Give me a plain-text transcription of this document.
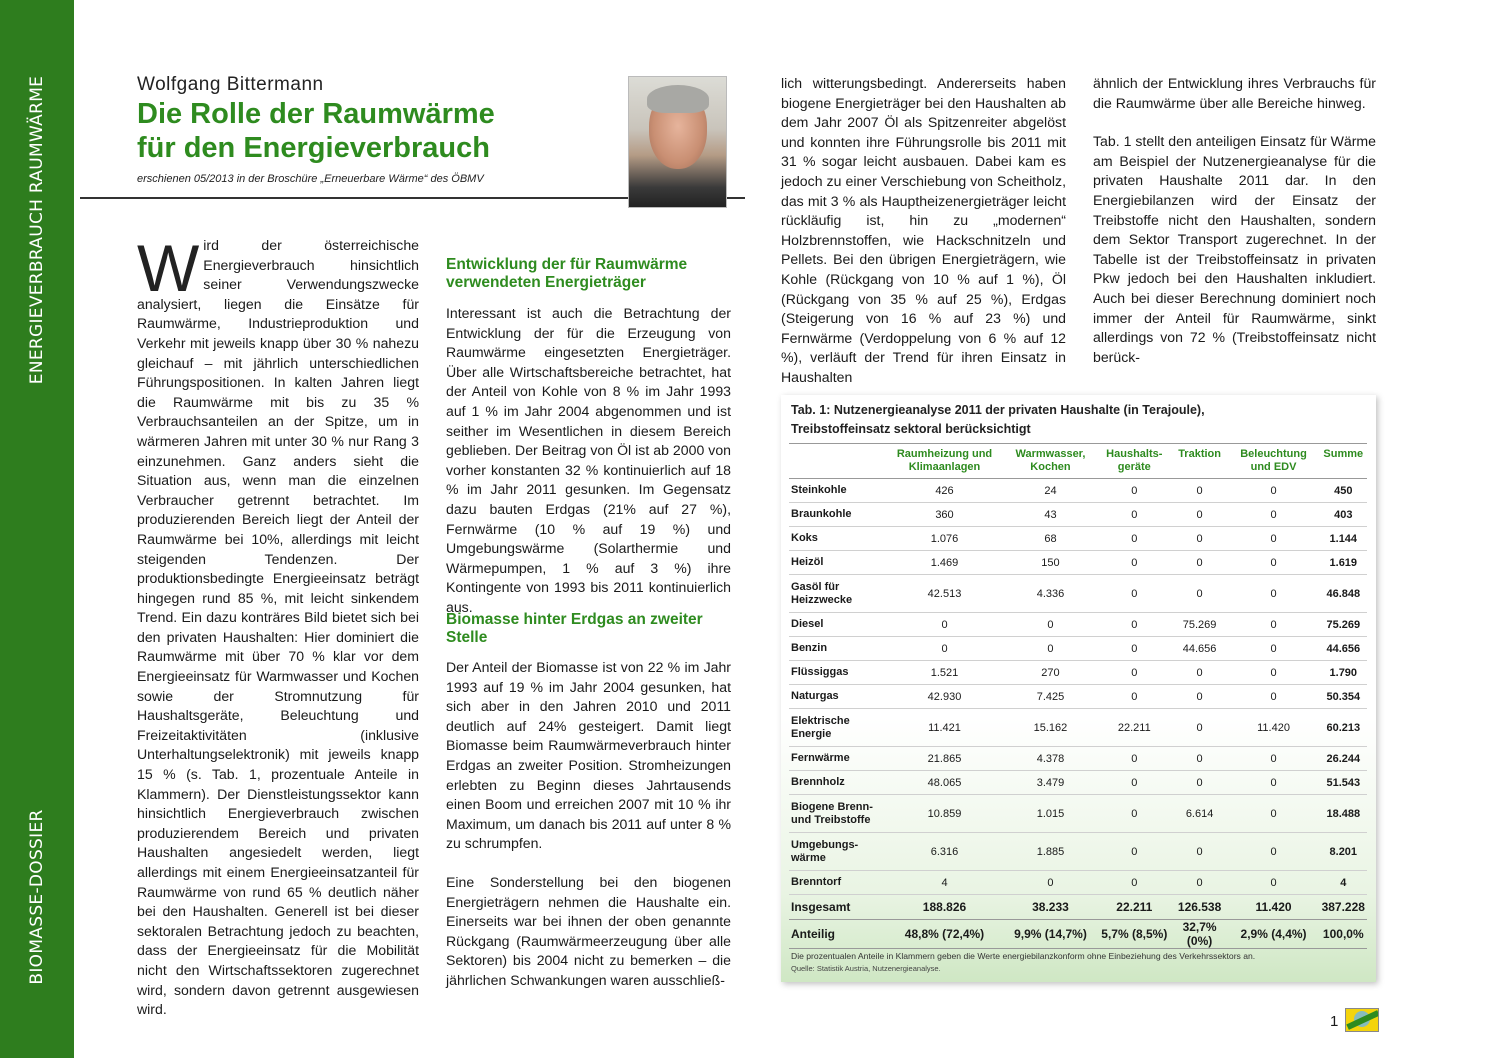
ENERGIEVERBRAUCH RAUMWÄRME
BIOMASSE-DOSSIER
Wolfgang Bittermann
Die Rolle der Raumwärme
für den Energieverbrauch
erschienen 05/2013 in der Broschüre „Erneuerbare Wärme“ des ÖBMV

Wird der österreichische Energieverbrauch hinsichtlich seiner Verwendungszwecke analysiert, liegen die Einsätze für Raumwärme, Industrieproduktion und Verkehr mit jeweils knapp über 30 % nahezu gleichauf – mit jährlich unterschiedlichen Führungspositionen. In kalten Jahren liegt die Raumwärme mit bis zu 35 % Verbrauchsanteilen an der Spitze, um in wärmeren Jahren mit unter 30 % nur Rang 3 einzunehmen. Ganz anders sieht die Situation aus, wenn man die einzelnen Verbraucher getrennt betrachtet. Im produzierenden Bereich liegt der Anteil der Raumwärme bei 10%, allerdings mit leicht steigenden Tendenzen. Der produktionsbedingte Energieeinsatz beträgt hingegen rund 85 %, mit leicht sinkendem Trend. Ein dazu konträres Bild bietet sich bei den privaten Haushalten: Hier dominiert die Raumwärme mit über 70 % klar vor dem Energieeinsatz für Warmwasser und Kochen sowie der Stromnutzung für Haushaltsgeräte, Beleuchtung und Freizeitaktivitäten (inklusive Unterhaltungselektronik) mit jeweils knapp 15 % (s. Tab. 1, prozentuale Anteile in Klammern). Der Dienstleistungssektor kann hinsichtlich Energieverbrauch zwischen produzierendem Bereich und privaten Haushalten angesiedelt werden, liegt allerdings mit einem Energieeinsatzanteil für Raumwärme von rund 65 % deutlich näher bei den Haushalten. Generell ist bei dieser sektoralen Betrachtung jedoch zu beachten, dass der Energieeinsatz für die Mobilität nicht den Wirtschaftssektoren zugerechnet wird, sondern davon getrennt ausgewiesen wird.

Entwicklung der für Raumwärme verwendeten Energieträger

Interessant ist auch die Betrachtung der Entwicklung der für die Erzeugung von Raumwärme eingesetzten Energieträger. Über alle Wirtschaftsbereiche betrachtet, hat der Anteil von Kohle von 8 % im Jahr 1993 auf 1 % im Jahr 2004 abgenommen und ist seither im Wesentlichen in diesem Bereich geblieben. Der Beitrag von Öl ist ab 2000 von vorher konstanten 32 % kontinuierlich auf 18 % im Jahr 2011 gesunken. Im Gegensatz dazu bauten Erdgas (21% auf 27 %), Fernwärme (10 % auf 19 %) und Umgebungswärme (Solarthermie und Wärmepumpen, 1 % auf 3 %) ihre Kontingente von 1993 bis 2011 kontinuierlich aus.

Biomasse hinter Erdgas an zweiter Stelle

Der Anteil der Biomasse ist von 22 % im Jahr 1993 auf 19 % im Jahr 2004 gesunken, hat sich aber in den Jahren 2010 und 2011 deutlich auf 24% gesteigert. Damit liegt Biomasse beim Raumwärmeverbrauch hinter Erdgas an zweiter Position. Stromheizungen erlebten zu Beginn dieses Jahrtausends einen Boom und erreichen 2007 mit 10 % ihr Maximum, um danach bis 2011 auf unter 8 % zu schrumpfen.

Eine Sonderstellung bei den biogenen Energieträgern nehmen die Haushalte ein. Einerseits war bei ihnen der oben genannte Rückgang (Raumwärmeerzeugung über alle Sektoren) bis 2004 nicht zu bemerken – die jährlichen Schwankungen waren ausschließ-

lich witterungsbedingt. Andererseits haben biogene Energieträger bei den Haushalten ab dem Jahr 2007 Öl als Spitzenreiter abgelöst und konnten ihre Führungsrolle bis 2011 mit 31 % sogar leicht ausbauen. Dabei kam es jedoch zu einer Verschiebung von Scheitholz, das mit 3 % als Hauptheizenergieträger leicht rückläufig ist, hin zu „modernen“ Holzbrennstoffen, wie Hackschnitzeln und Pellets. Bei den übrigen Energieträgern, wie Kohle (Rückgang von 10 % auf 1 %), Öl (Rückgang von 35 % auf 25 %), Erdgas (Steigerung von 16 % auf 23 %) und Fernwärme (Verdoppelung von 6 % auf 12 %), verläuft der Trend für ihren Einsatz in Haushalten

ähnlich der Entwicklung ihres Verbrauchs für die Raumwärme über alle Bereiche hinweg.

Tab. 1 stellt den anteiligen Einsatz für Wärme am Beispiel der Nutzenergieanalyse für die privaten Haushalte 2011 dar. In den Energiebilanzen wird der Einsatz der Treibstoffe nicht den Haushalten, sondern dem Sektor Transport zugerechnet. In der Tabelle ist der Treibstoffeinsatz in privaten Pkw jedoch bei den Haushalten inkludiert. Auch bei dieser Berechnung dominiert noch immer der Anteil für Raumwärme, sinkt allerdings von 72 % (Treibstoffeinsatz nicht berück-

Tab. 1: Nutzenergieanalyse 2011 der privaten Haushalte (in Terajoule),
Treibstoffeinsatz sektoral berücksichtigt
	Raumheizung und Klimaanlagen	Warmwasser, Kochen	Haushalts-geräte	Traktion	Beleuchtung und EDV	Summe
Steinkohle	426	24	0	0	0	450
Braunkohle	360	43	0	0	0	403
Koks	1.076	68	0	0	0	1.144
Heizöl	1.469	150	0	0	0	1.619
Gasöl für Heizzwecke	42.513	4.336	0	0	0	46.848
Diesel	0	0	0	75.269	0	75.269
Benzin	0	0	0	44.656	0	44.656
Flüssiggas	1.521	270	0	0	0	1.790
Naturgas	42.930	7.425	0	0	0	50.354
Elektrische Energie	11.421	15.162	22.211	0	11.420	60.213
Fernwärme	21.865	4.378	0	0	0	26.244
Brennholz	48.065	3.479	0	0	0	51.543
Biogene Brenn- und Treibstoffe	10.859	1.015	0	6.614	0	18.488
Umgebungs-wärme	6.316	1.885	0	0	0	8.201
Brenntorf	4	0	0	0	0	4
Insgesamt	188.826	38.233	22.211	126.538	11.420	387.228
Anteilig	48,8% (72,4%)	9,9% (14,7%)	5,7% (8,5%)	32,7% (0%)	2,9% (4,4%)	100,0%
Die prozentualen Anteile in Klammern geben die Werte energiebilanzkonform ohne Einbeziehung des Verkehrssektors an.
Quelle: Statistik Austria, Nutzenergieanalyse.
1
